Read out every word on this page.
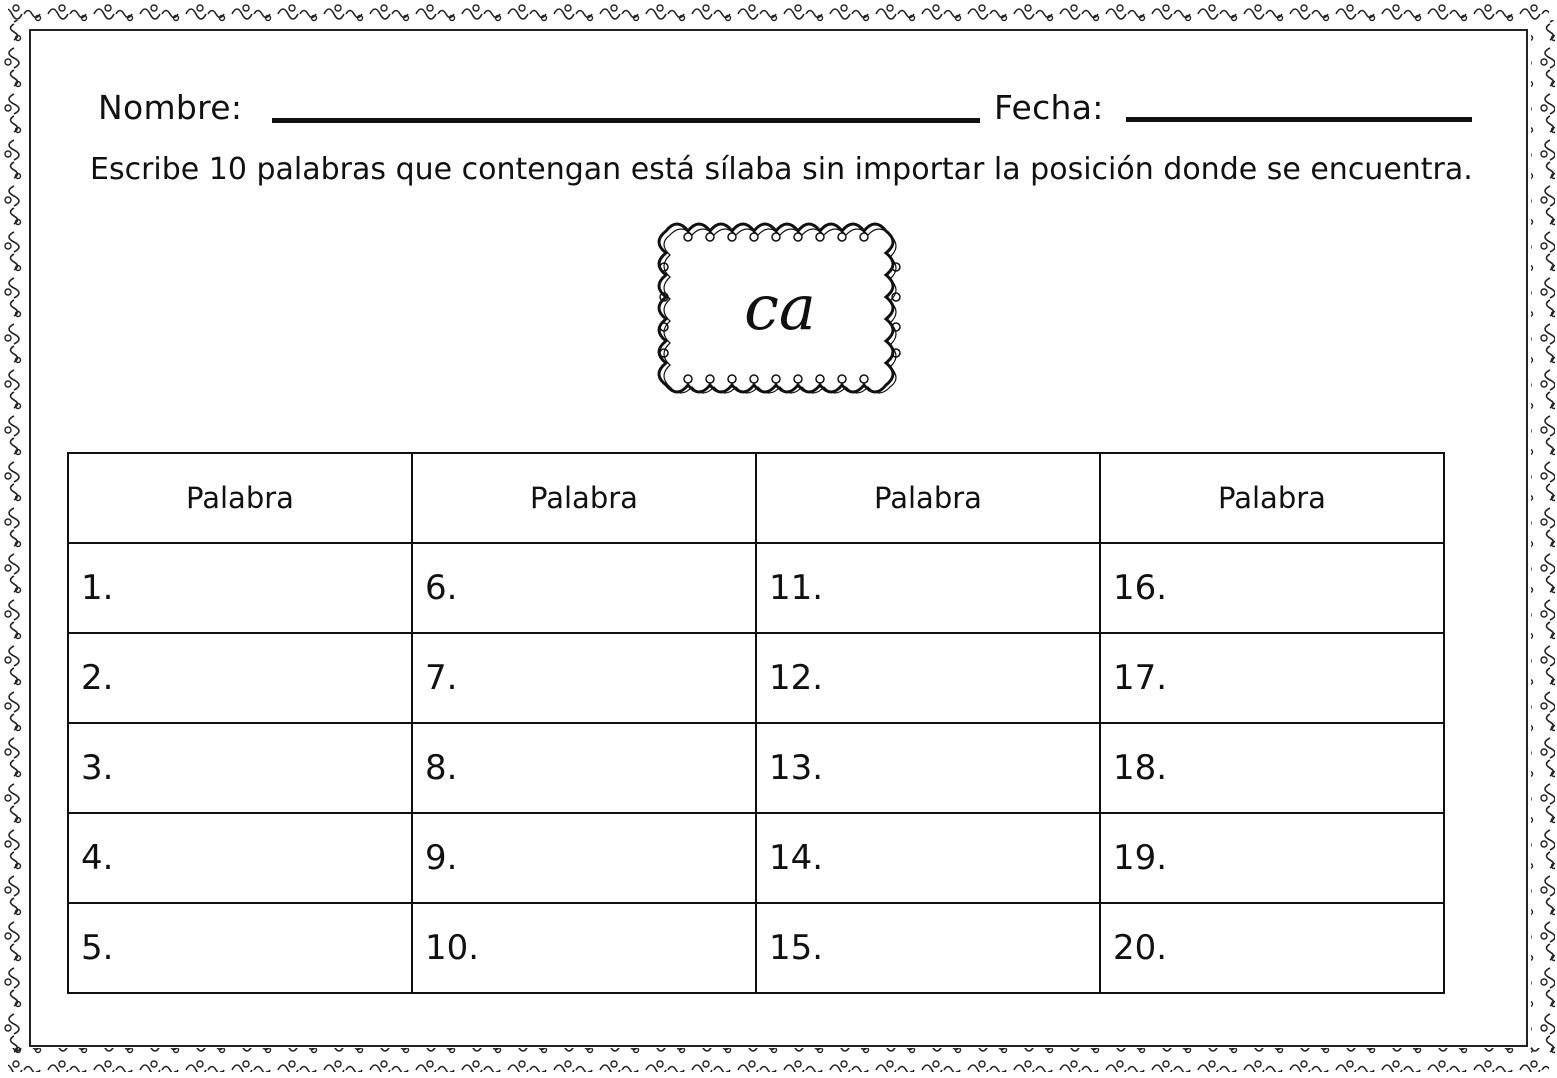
Nombre:	Fecha:
Escribe 10 palabras que contengan está sílaba sin importar la posición donde se encuentra.
ca
Palabra	Palabra	Palabra	Palabra
1.	6.	11.	16.
2.	7.	12.	17.
3.	8.	13.	18.
4.	9.	14.	19.
5.	10.	15.	20.
